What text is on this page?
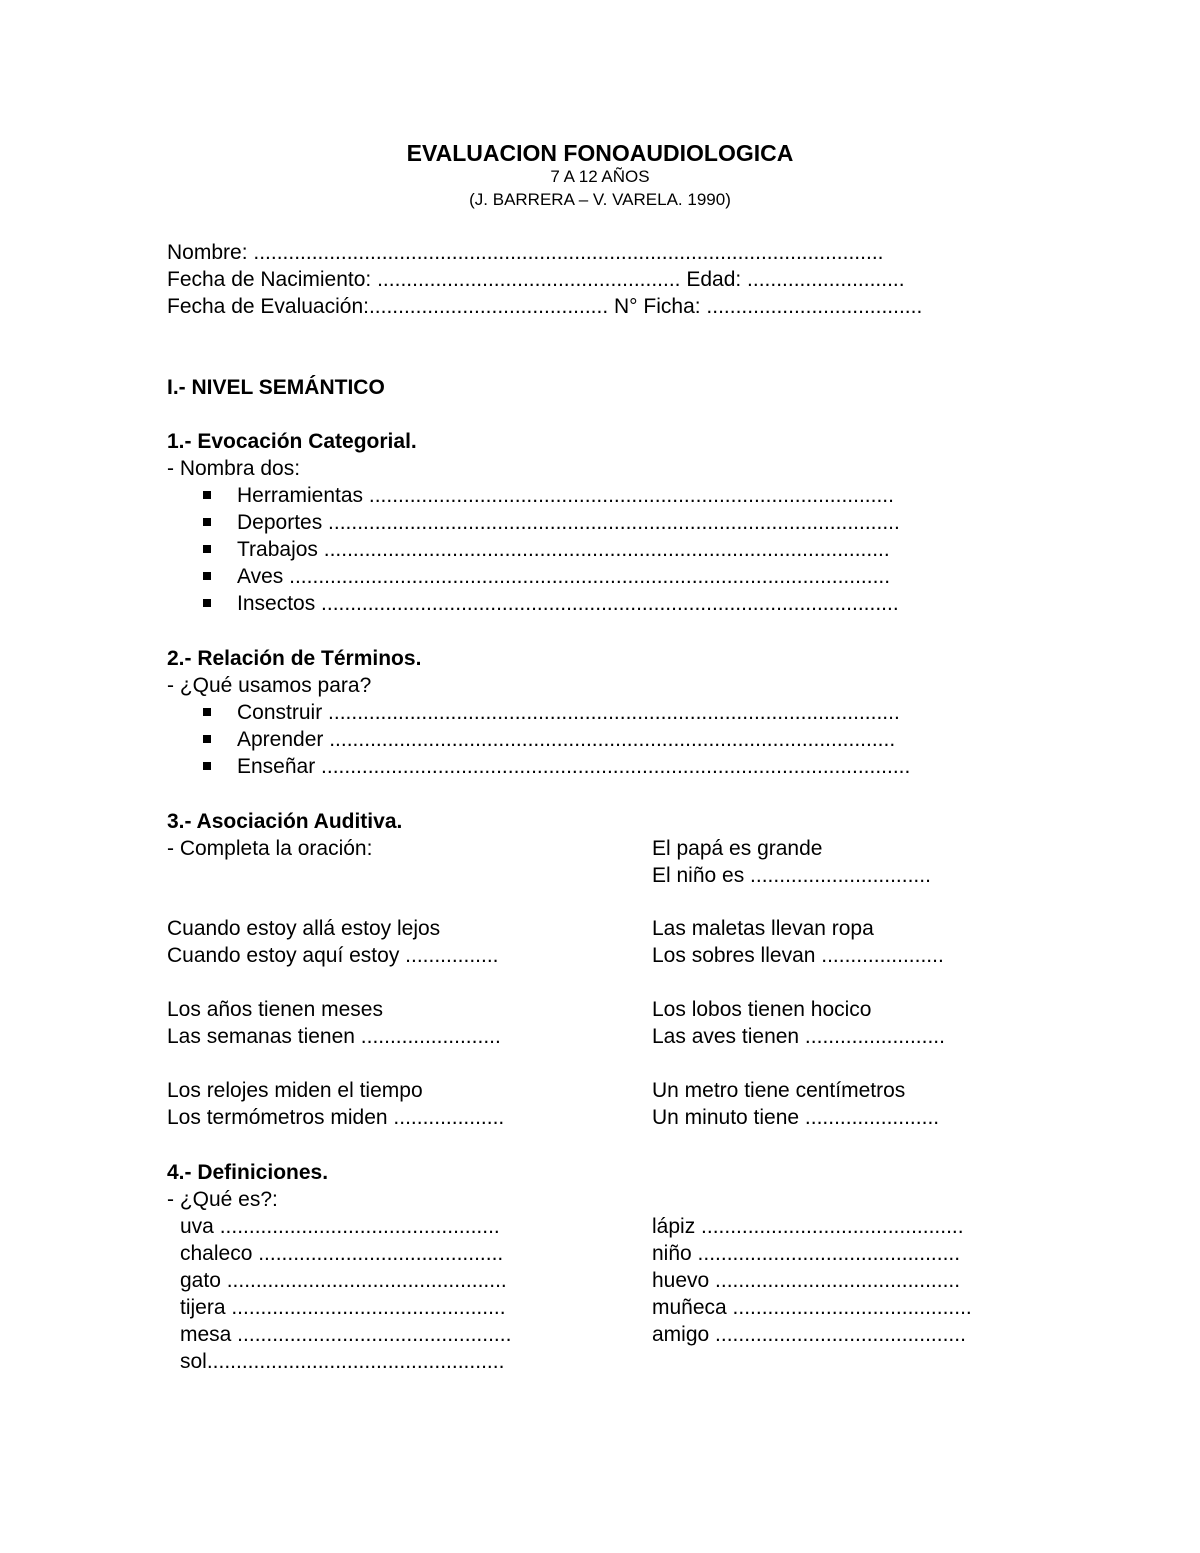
EVALUACION FONOAUDIOLOGICA
7 A 12 AÑOS
(J. BARRERA – V. VARELA. 1990)
Nombre: ............................................................................................................
Fecha de Nacimiento: .................................................... Edad: ...........................
Fecha de Evaluación:......................................... N° Ficha: .....................................
I.- NIVEL SEMÁNTICO
1.- Evocación Categorial.
- Nombra dos:
Herramientas ..........................................................................................
Deportes ..................................................................................................
Trabajos .................................................................................................
Aves .......................................................................................................
Insectos ...................................................................................................
2.- Relación de Términos.
- ¿Qué usamos para?
Construir ..................................................................................................
Aprender .................................................................................................
Enseñar .....................................................................................................
3.- Asociación Auditiva.
- Completa la oración:	El papá es grande
El niño es ...............................
Cuando estoy allá estoy lejos
Cuando estoy aquí estoy ................
Las maletas llevan ropa
Los sobres llevan .....................
Los años tienen meses
Las semanas tienen ........................
Los lobos tienen hocico
Las aves tienen ........................
Los relojes miden el tiempo
Los termómetros miden ...................
Un metro tiene centímetros
Un minuto tiene .......................
4.- Definiciones.
- ¿Qué es?:
uva ................................................
chaleco ..........................................
gato ................................................
tijera ...............................................
mesa ...............................................
sol...................................................
lápiz .............................................
niño .............................................
huevo ..........................................
muñeca .........................................
amigo ...........................................
